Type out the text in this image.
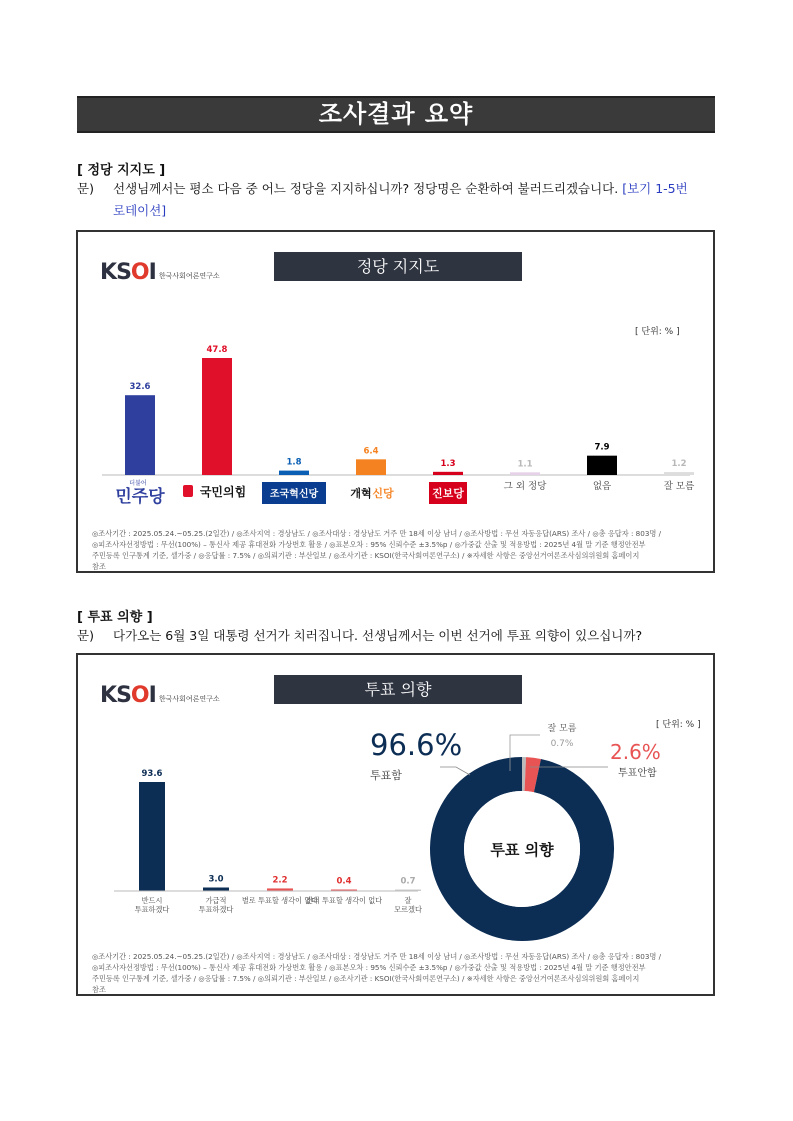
조사결과 요약
[ 정당 지지도 ]
문) 선생님께서는 평소 다음 중 어느 정당을 지지하십니까? 정당명은 순환하여 불러드리겠습니다. [보기 1-5번
로테이션]
KSOI 한국사회여론연구소	정당 지지도
[ 단위: % ]
32.6
47.8
1.8
6.4
1.3	1.1
7.9
1.2
더불어
민주당	국민의힘 조국혁신당	개혁 신당	진보당
그 외 정당	없음	잘 모름
◎조사기간 : 2025.05.24.~05.25.(2일간) / ◎조사지역 : 경상남도 / ◎조사대상 : 경상남도 거주 만 18세 이상 남녀 / ◎조사방법 : 무선 자동응답(ARS) 조사 / ◎총 응답자 : 803명 /
◎피조사자선정방법 : 무선(100%) – 통신사 제공 휴대전화 가상번호 활용 / ◎표본오차 : 95% 신뢰수준 ±3.5%p / ◎가중값 산출 및 적용방법 : 2025년 4월 말 기준 행정안전부
주민등록 인구통계 기준, 셀가중 / ◎응답률 : 7.5% / ◎의뢰기관 : 부산일보 / ◎조사기관 : KSOI(한국사회여론연구소) / ※자세한 사항은 중앙선거여론조사심의위원회 홈페이지
참조
[ 투표 의향 ]
문) 다가오는 6월 3일 대통령 선거가 치러집니다. 선생님께서는 이번 선거에 투표 의향이 있으십니까?
KSOI 한국사회여론연구소	투표 의향
[ 단위: % ]
93.6
반드시
투표하겠다
3.0
가급적
투표하겠다
2.2
별로 투표할 생각이 없다
0.4
전혀 투표할 생각이 없다
0.7
잘
모르겠다
투표 의향
96.6%
투표함
2.6%
투표안함
잘 모름
0.7%
◎조사기간 : 2025.05.24.~05.25.(2일간) / ◎조사지역 : 경상남도 / ◎조사대상 : 경상남도 거주 만 18세 이상 남녀 / ◎조사방법 : 무선 자동응답(ARS) 조사 / ◎총 응답자 : 803명 /
◎피조사자선정방법 : 무선(100%) – 통신사 제공 휴대전화 가상번호 활용 / ◎표본오차 : 95% 신뢰수준 ±3.5%p / ◎가중값 산출 및 적용방법 : 2025년 4월 말 기준 행정안전부
주민등록 인구통계 기준, 셀가중 / ◎응답률 : 7.5% / ◎의뢰기관 : 부산일보 / ◎조사기관 : KSOI(한국사회여론연구소) / ※자세한 사항은 중앙선거여론조사심의위원회 홈페이지
참조
